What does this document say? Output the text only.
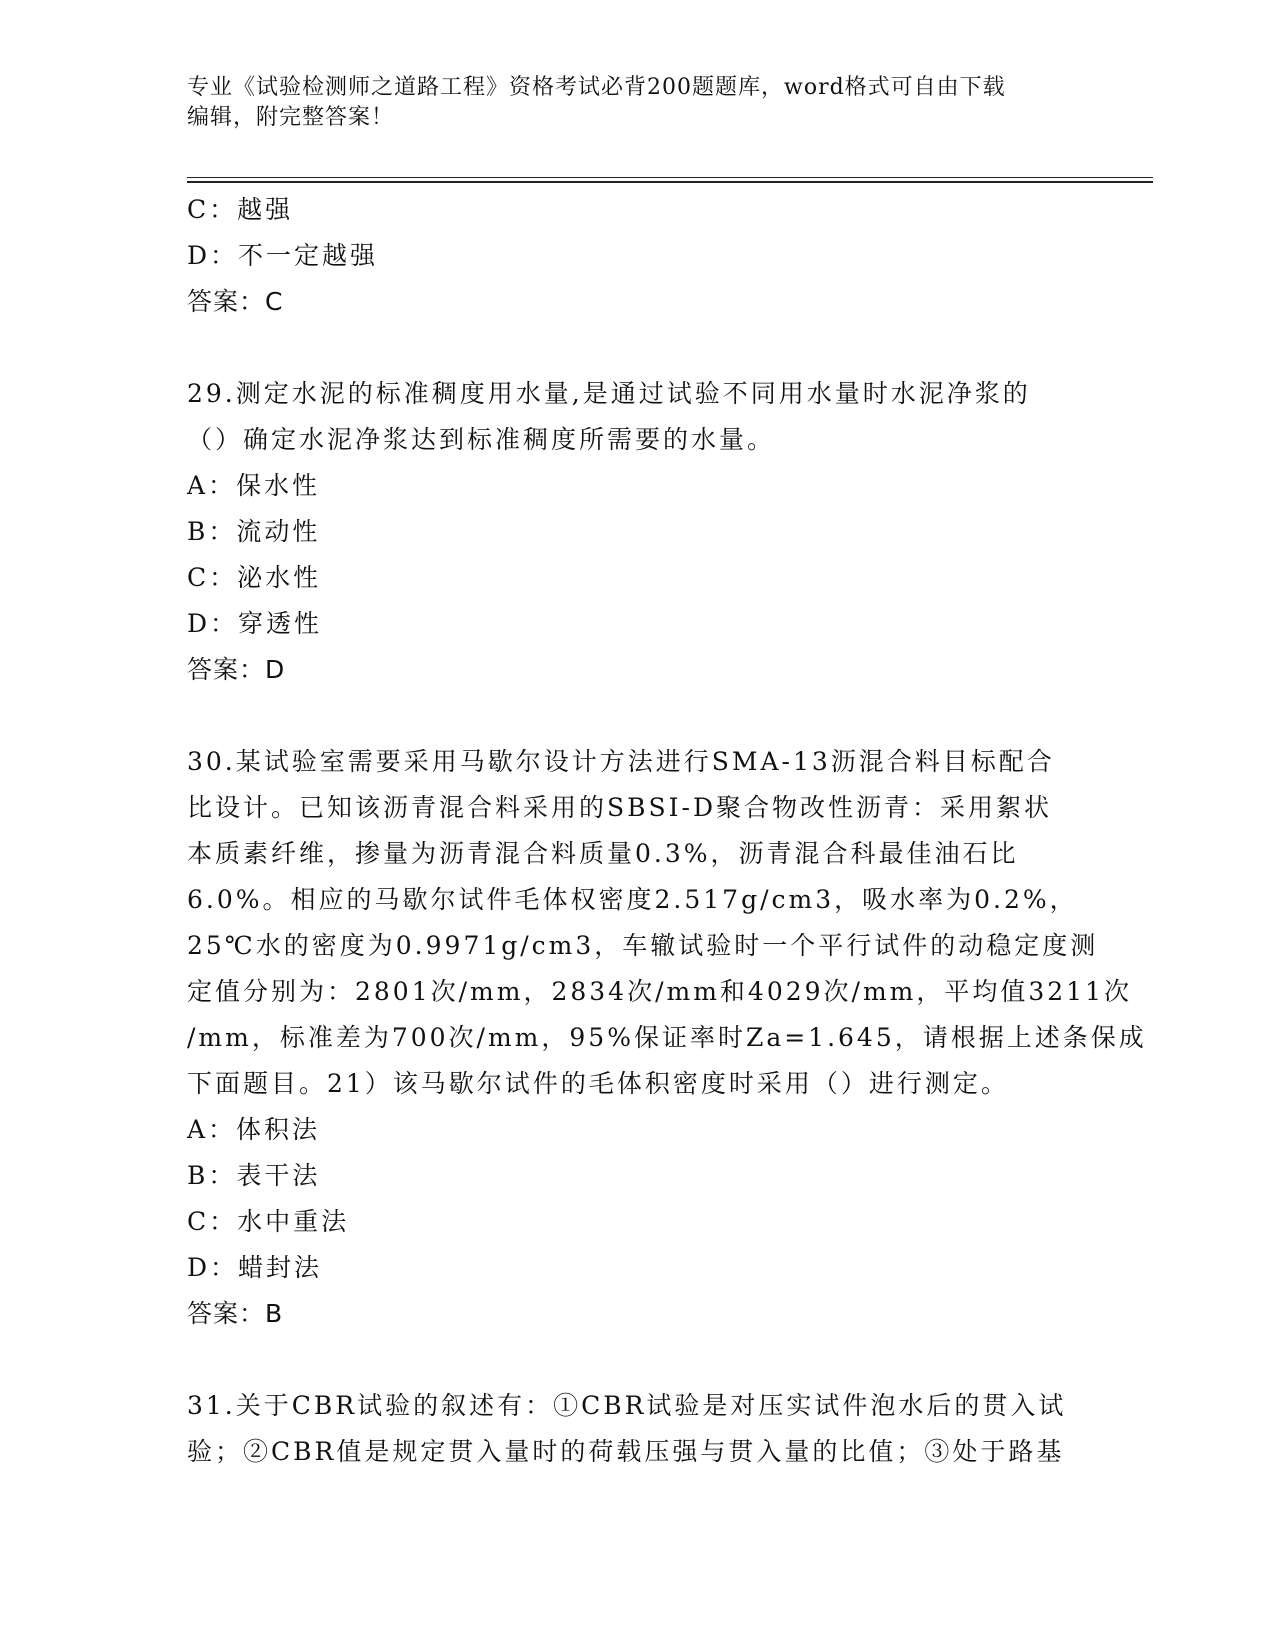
专业《试验检测师之道路工程》资格考试必背200题题库，word格式可自由下载
编辑，附完整答案！
C：越强
D：不一定越强
答案：C
29.测定水泥的标准稠度用水量,是通过试验不同用水量时水泥净浆的
（）确定水泥净浆达到标准稠度所需要的水量。
A：保水性
B：流动性
C：泌水性
D：穿透性
答案：D
30.某试验室需要采用马歇尔设计方法进行SMA-13沥混合料目标配合
比设计。已知该沥青混合料采用的SBSI-D聚合物改性沥青：采用絮状
本质素纤维，掺量为沥青混合料质量0.3%，沥青混合科最佳油石比
6.0%。相应的马歇尔试件毛体权密度2.517g/cm3，吸水率为0.2%，
25℃水的密度为0.9971g/cm3，车辙试验时一个平行试件的动稳定度测
定值分别为：2801次/mm，2834次/mm和4029次/mm，平均值3211次
/mm，标准差为700次/mm，95%保证率时Za=1.645，请根据上述条保成
下面题目。21）该马歇尔试件的毛体积密度时采用（）进行测定。
A：体积法
B：表干法
C：水中重法
D：蜡封法
答案：B
31.关于CBR试验的叙述有：①CBR试验是对压实试件泡水后的贯入试
验；②CBR值是规定贯入量时的荷载压强与贯入量的比值；③处于路基
